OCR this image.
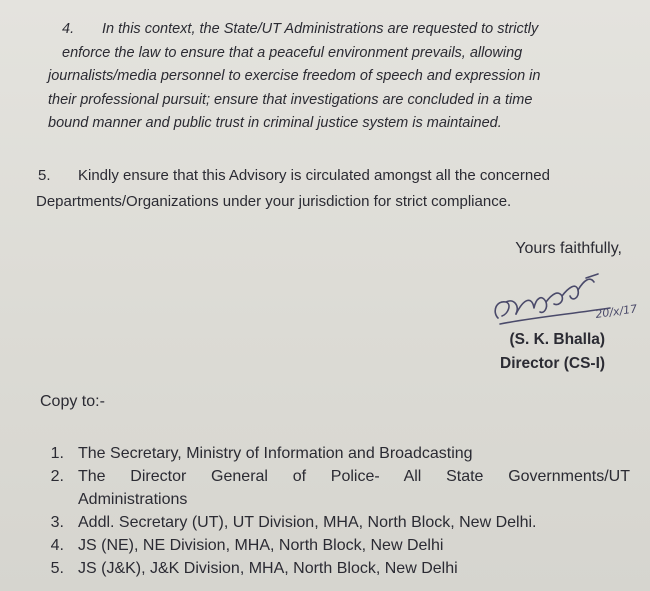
4. In this context, the State/UT Administrations are requested to strictly

enforce the law to ensure that a peaceful environment prevails, allowing

journalists/media personnel to exercise freedom of speech and expression in

their professional pursuit; ensure that investigations are concluded in a time

bound manner and public trust in criminal justice system is maintained.

5. Kindly ensure that this Advisory is circulated amongst all the concerned

Departments/Organizations under your jurisdiction for strict compliance.

Yours faithfully,
20/x/17
(S. K. Bhalla)
Director (CS-I)
Copy to:-
1. The Secretary, Ministry of Information and Broadcasting
2. The Director General of Police- All State Governments/UT
Administrations
3. Addl. Secretary (UT), UT Division, MHA, North Block, New Delhi.
4. JS (NE), NE Division, MHA, North Block, New Delhi
5. JS (J&K), J&K Division, MHA, North Block, New Delhi
